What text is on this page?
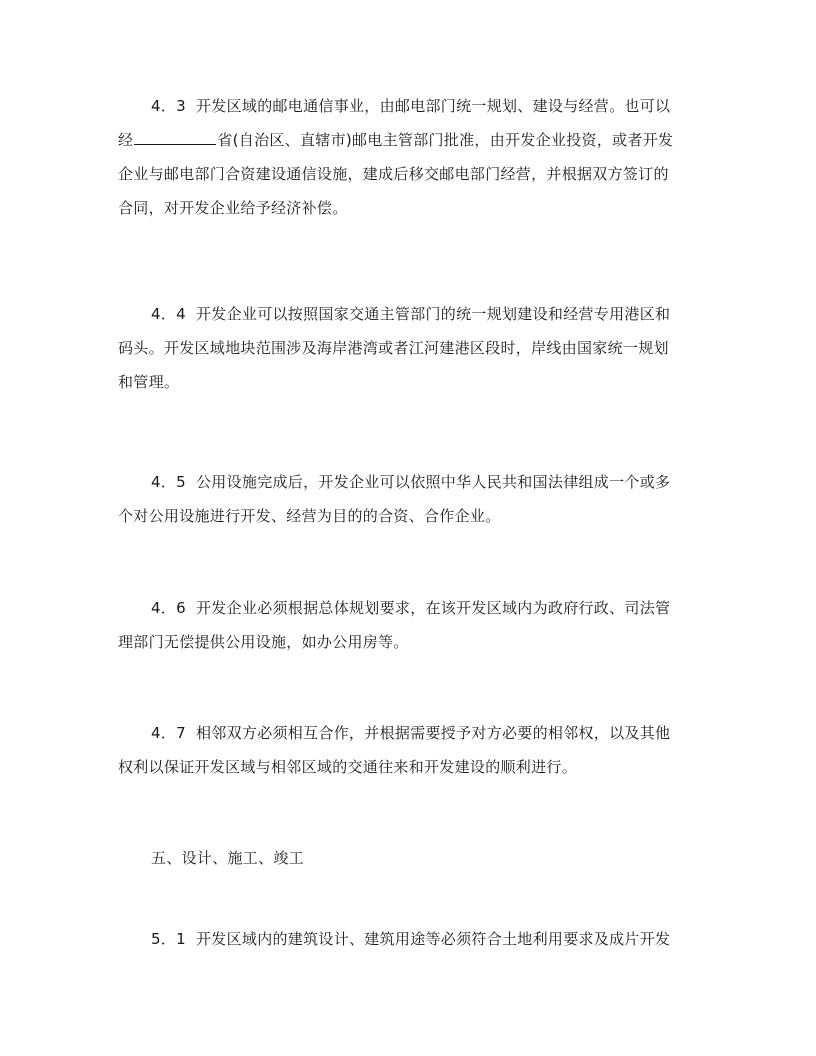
4．3 开发区域的邮电通信事业，由邮电部门统一规划、建设与经营。也可以
经	省(自治区、直辖市)邮电主管部门批准，由开发企业投资，或者开发
企业与邮电部门合资建设通信设施，建成后移交邮电部门经营，并根据双方签订的
合同，对开发企业给予经济补偿。
4．4 开发企业可以按照国家交通主管部门的统一规划建设和经营专用港区和
码头。开发区域地块范围涉及海岸港湾或者江河建港区段时，岸线由国家统一规划
和管理。
4．5 公用设施完成后，开发企业可以依照中华人民共和国法律组成一个或多
个对公用设施进行开发、经营为目的的合资、合作企业。
4．6 开发企业必须根据总体规划要求，在该开发区域内为政府行政、司法管
理部门无偿提供公用设施，如办公用房等。
4．7 相邻双方必须相互合作，并根据需要授予对方必要的相邻权，以及其他
权利以保证开发区域与相邻区域的交通往来和开发建设的顺利进行。
五、设计、施工、竣工
5．1 开发区域内的建筑设计、建筑用途等必须符合土地利用要求及成片开发
